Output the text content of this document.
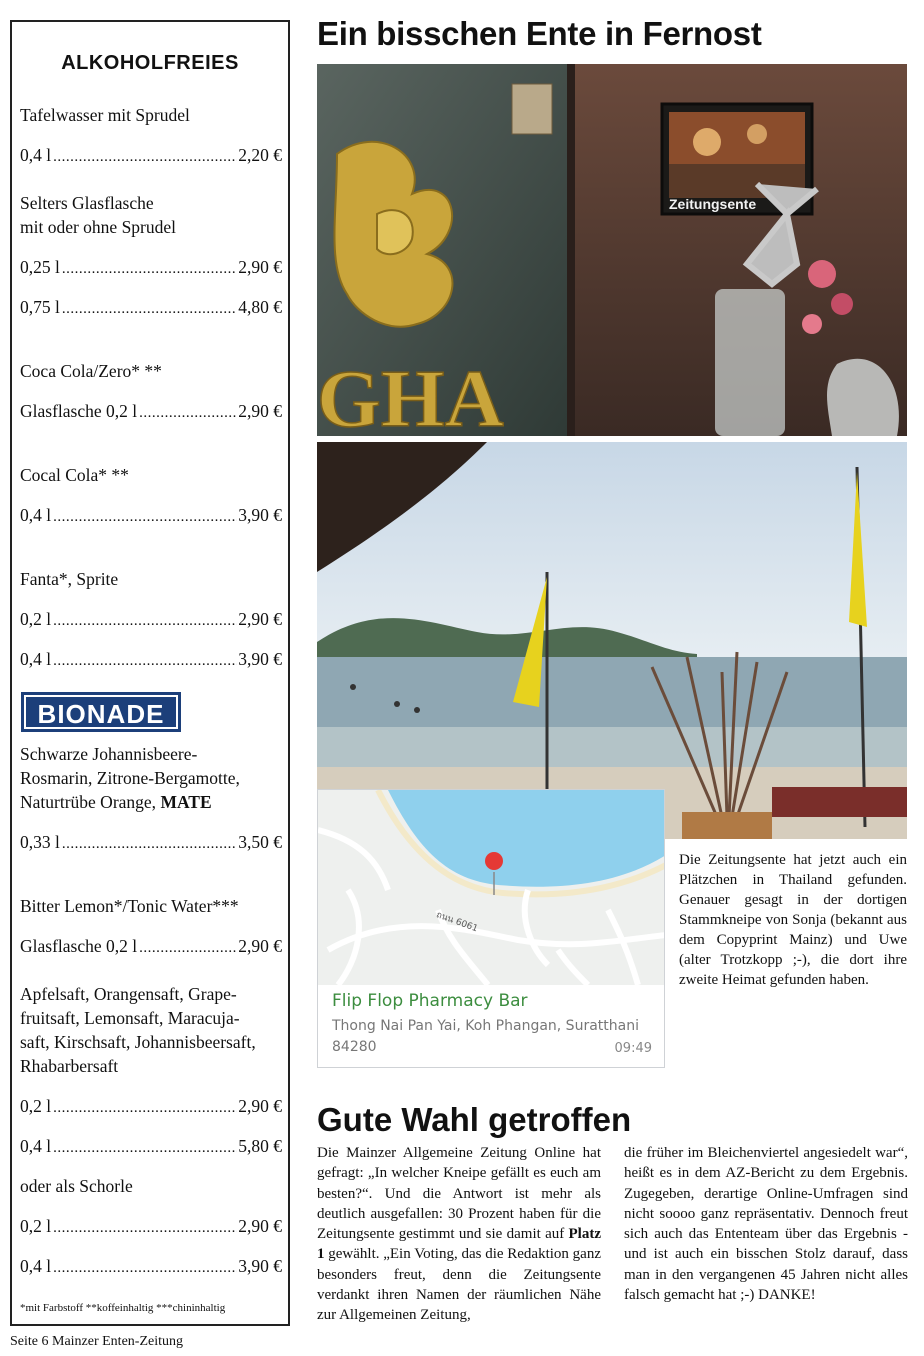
ALKOHOLFREIES
Tafelwasser mit Sprudel
0,4 l .....	2,20 €
Selters Glasflasche
mit oder ohne Sprudel
0,25 l .....	2,90 €
0,75 l .....	4,80 €
Coca Cola/Zero* **
Glasflasche 0,2 l .....	2,90 €
Cocal Cola* **
0,4 l .....	3,90 €
Fanta*, Sprite
0,2 l .....	2,90 €
0,4 l .....	3,90 €
BIONADE
Schwarze Johannisbeere-
Rosmarin, Zitrone-Bergamotte,
Naturtrübe Orange, MATE
0,33 l .....	3,50 €
Bitter Lemon*/Tonic Water***
Glasflasche 0,2 l .....	2,90 €
Apfelsaft, Orangensaft, Grape-
fruitsaft, Lemonsaft, Maracuja-
saft, Kirschsaft, Johannisbeersaft,
Rhabarbersaft
0,2 l .....	2,90 €
0,4 l .....	5,80 €
oder als Schorle
0,2 l .....	2,90 €
0,4 l .....	3,90 €
*mit Farbstoff **koffeinhaltig ***chininhaltig
Seite 6 Mainzer Enten-Zeitung
Ein bisschen Ente in Fernost
GHA
Zeitungsente
ถนน 6061
Flip Flop Pharmacy Bar
Thong Nai Pan Yai, Koh Phangan, Suratthani 84280	09:49
Die Zeitungsente hat jetzt auch ein Plätzchen in Thailand gefunden. Genauer gesagt in der dortigen Stammkneipe von Sonja (bekannt aus dem Copyprint Mainz) und Uwe (alter Trotzkopp ;-), die dort ihre zweite Heimat gefunden haben.
Gute Wahl getroffen
Die Mainzer Allgemeine Zeitung Online hat gefragt: „In welcher Kneipe gefällt es euch am besten?“. Und die Antwort ist mehr als deutlich ausgefallen: 30 Prozent haben für die Zeitungsente gestimmt und sie damit auf Platz 1 gewählt. „Ein Voting, das die Redaktion ganz besonders freut, denn die Zeitungsente verdankt ihren Namen der räumlichen Nähe zur Allgemeinen Zeitung,
die früher im Bleichenviertel angesiedelt war“, heißt es in dem AZ-Bericht zu dem Ergebnis. Zugegeben, derartige Online-Umfragen sind nicht soooo ganz repräsentativ. Dennoch freut sich auch das Ententeam über das Ergebnis - und ist auch ein bisschen Stolz darauf, dass man in den vergangenen 45 Jahren nicht alles falsch gemacht hat ;-) DANKE!
